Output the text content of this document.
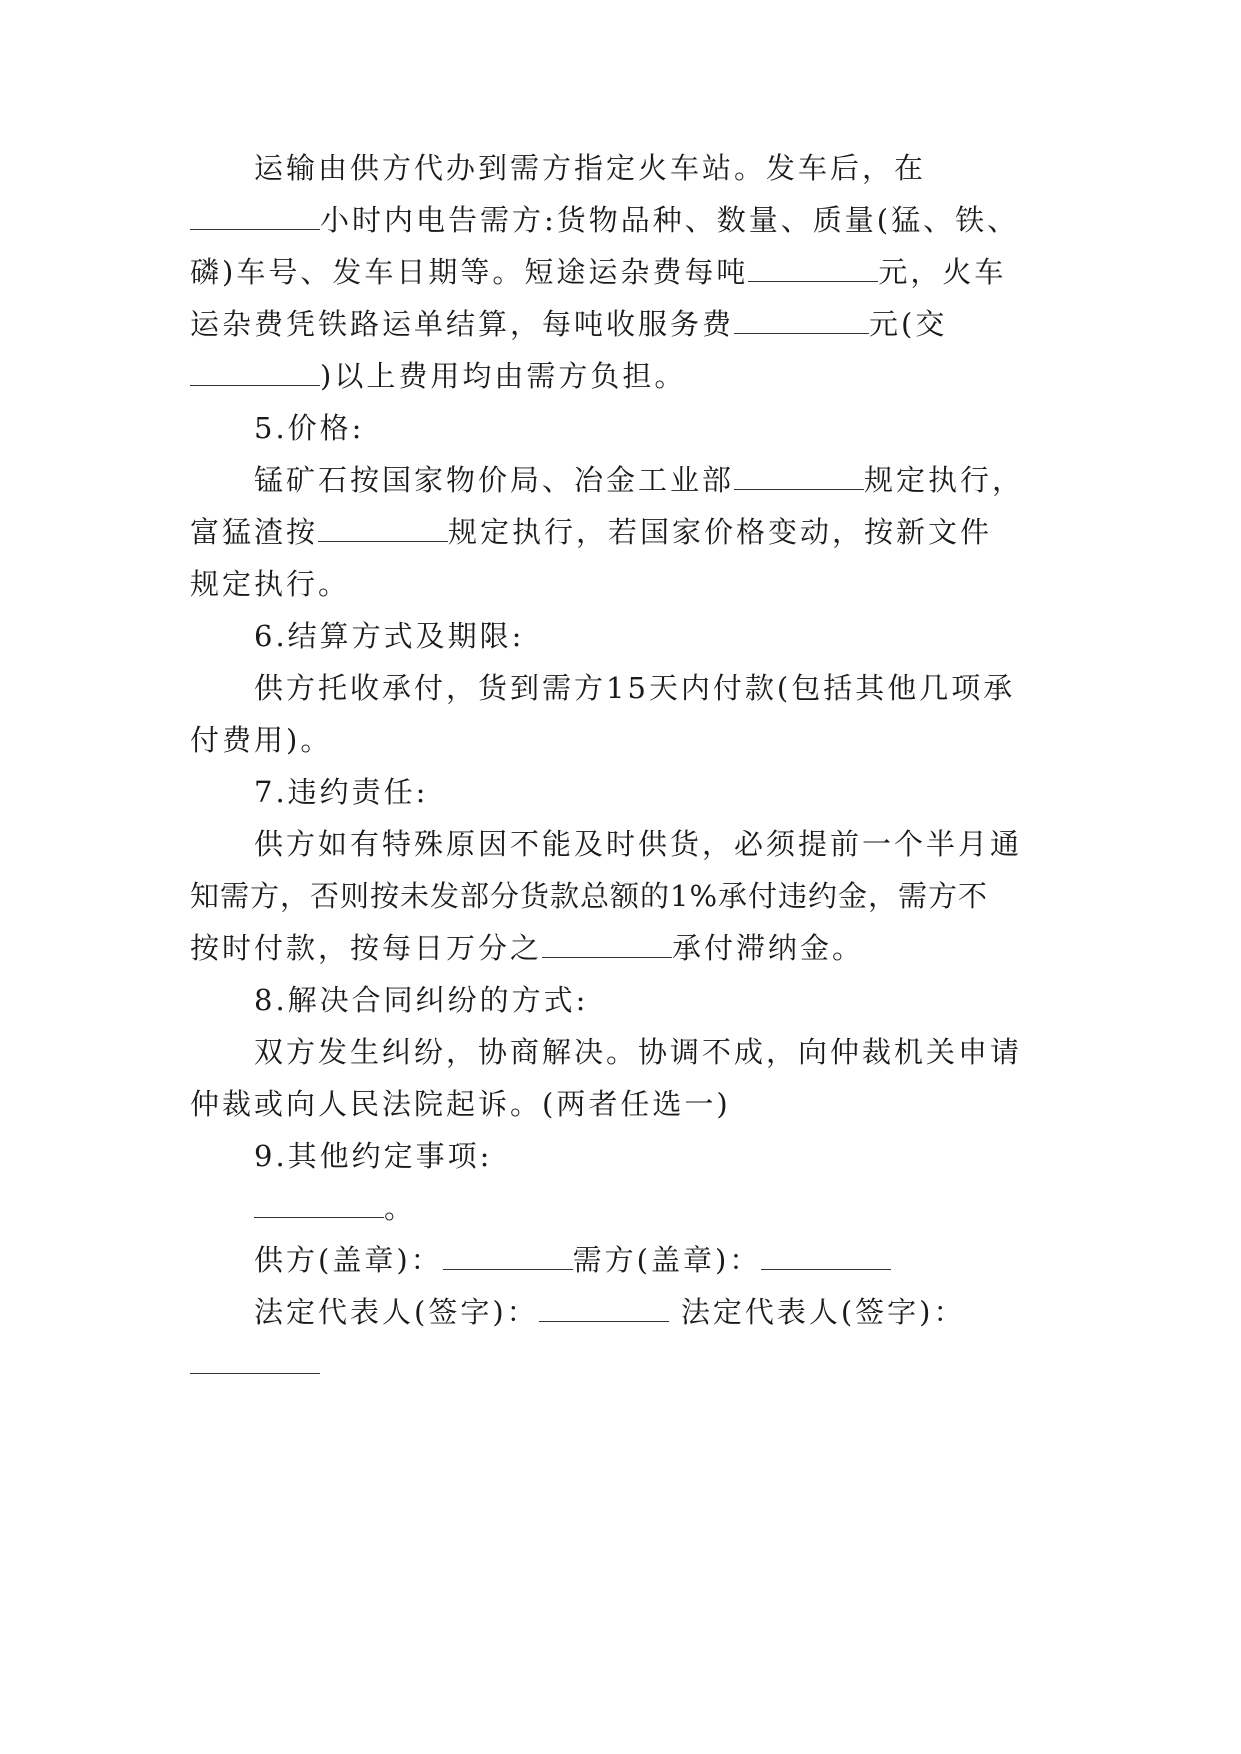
运输由供方代办到需方指定火车站。发车后，在
小时内电告需方:货物品种、数量、质量(猛、铁、
磷)车号、发车日期等。短途运杂费每吨	元，火车
运杂费凭铁路运单结算，每吨收服务费	元(交
)以上费用均由需方负担。
5.价格:
锰矿石按国家物价局、冶金工业部	规定执行，
富猛渣按	规定执行，若国家价格变动，按新文件
规定执行。
6.结算方式及期限:
供方托收承付，货到需方15天内付款(包括其他几项承
付费用)。
7.违约责任:
供方如有特殊原因不能及时供货，必须提前一个半月通
知需方，否则按未发部分货款总额的1%承付违约金，需方不
按时付款，按每日万分之	承付滞纳金。
8.解决合同纠纷的方式:
双方发生纠纷，协商解决。协调不成，向仲裁机关申请
仲裁或向人民法院起诉。(两者任选一)
9.其他约定事项:
。
供方(盖章)：	需方(盖章)：
法定代表人(签字)：	法定代表人(签字)：
